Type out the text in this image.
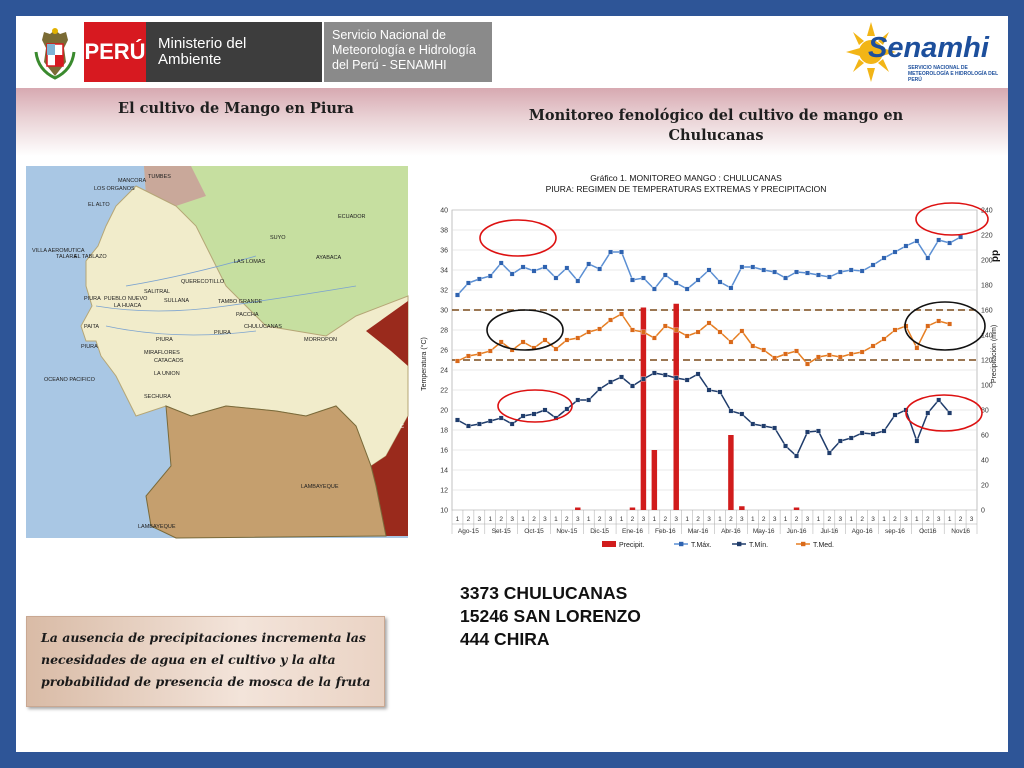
PERÚ Ministerio del Ambiente
Servicio Nacional de
Meteorología e Hidrología
del Perú - SENAMHI
Senamhi
SERVICIO NACIONAL DE METEOROLOGÍA E HIDROLOGÍA DEL PERÚ
El cultivo de Mango en Piura	Monitoreo fenológico del cultivo de mango en Chulucanas
TUMBES
ECUADOR
OCEANO PACIFICO
LAMBAYEQUE
LAMBAYEQUE
PIURA
PIURA
PIURA
MANCORA
LOS ORGANOS
EL ALTO
VILLA AEROMUTICA
TALARA
EL TABLAZO
PUEBLO NUEVO
LA HUACA
SALITRAL
QUERECOTILLO
SULLANA
LAS LOMAS
SUYO
AYABACA
TAMBO GRANDE
PACCHA
CHULUCANAS
MORROPON
PIURA
CATACAOS
LA UNION
SECHURA
PAITA
MIRAFLORES
C
Gráfico 1. MONITOREO MANGO : CHULUCANAS
PIURA: REGIMEN DE TEMPERATURAS EXTREMAS Y PRECIPITACION
10
12
14
16
18
20
22
24
26
28
30
32
34
36
38
40
0
20
40
60
80
100
120
140
160
180
200
220
240
1 2 3 1 2 3 1 2 3 1 2 3 1 2 3 1 2 3 1 2 3 1 2 3 1 2 3 1 2 3 1 2 3 1 2 3 1 2 3 1 2 3 1 2 3 1 2 3
Ago-15 Set-15 Oct-15 Nov-15 Dic-15 Ene-16 Feb-16 Mar-16 Abr-16 May-16 Jun-16 Jul-16 Ago-16 sep-16 Oct16 Nov16
Precipit.	T.Máx.	T.Mín.	T.Med.
Temperatura (°C)	Precipitación (mm)
pp
3373 CHULUCANAS
15246 SAN LORENZO
444 CHIRA
La ausencia de precipitaciones incrementa las necesidades de agua en el cultivo y la alta probabilidad de presencia de mosca de la fruta
